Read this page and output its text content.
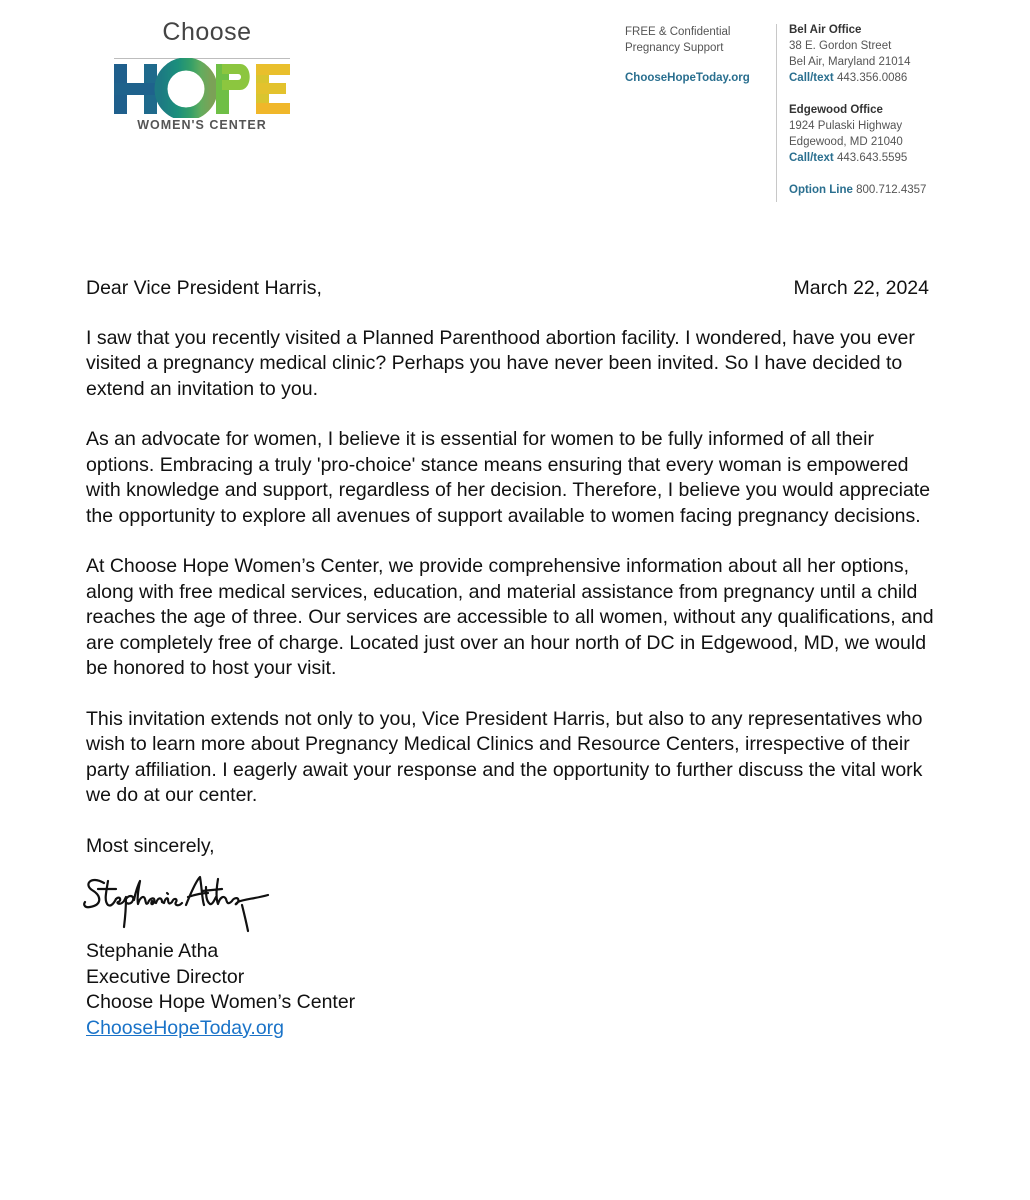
Choose
WOMEN'S CENTER
FREE & Confidential
Pregnancy Support
ChooseHopeToday.org
Bel Air Office
38 E. Gordon Street
Bel Air, Maryland 21014
Call/text 443.356.0086
Edgewood Office
1924 Pulaski Highway
Edgewood, MD 21040
Call/text 443.643.5595
Option Line 800.712.4357
Dear Vice President Harris,	March 22, 2024

I saw that you recently visited a Planned Parenthood abortion facility. I wondered, have you ever visited a pregnancy medical clinic? Perhaps you have never been invited. So I have decided to extend an invitation to you.

As an advocate for women, I believe it is essential for women to be fully informed of all their options. Embracing a truly 'pro-choice' stance means ensuring that every woman is empowered with knowledge and support, regardless of her decision. Therefore, I believe you would appreciate the opportunity to explore all avenues of support available to women facing pregnancy decisions.

At Choose Hope Women’s Center, we provide comprehensive information about all her options, along with free medical services, education, and material assistance from pregnancy until a child reaches the age of three. Our services are accessible to all women, without any qualifications, and are completely free of charge. Located just over an hour north of DC in Edgewood, MD, we would be honored to host your visit.

This invitation extends not only to you, Vice President Harris, but also to any representatives who wish to learn more about Pregnancy Medical Clinics and Resource Centers, irrespective of their party affiliation. I eagerly await your response and the opportunity to further discuss the vital work we do at our center.

Most sincerely,
Stephanie Atha
Executive Director
Choose Hope Women’s Center
ChooseHopeToday.org
